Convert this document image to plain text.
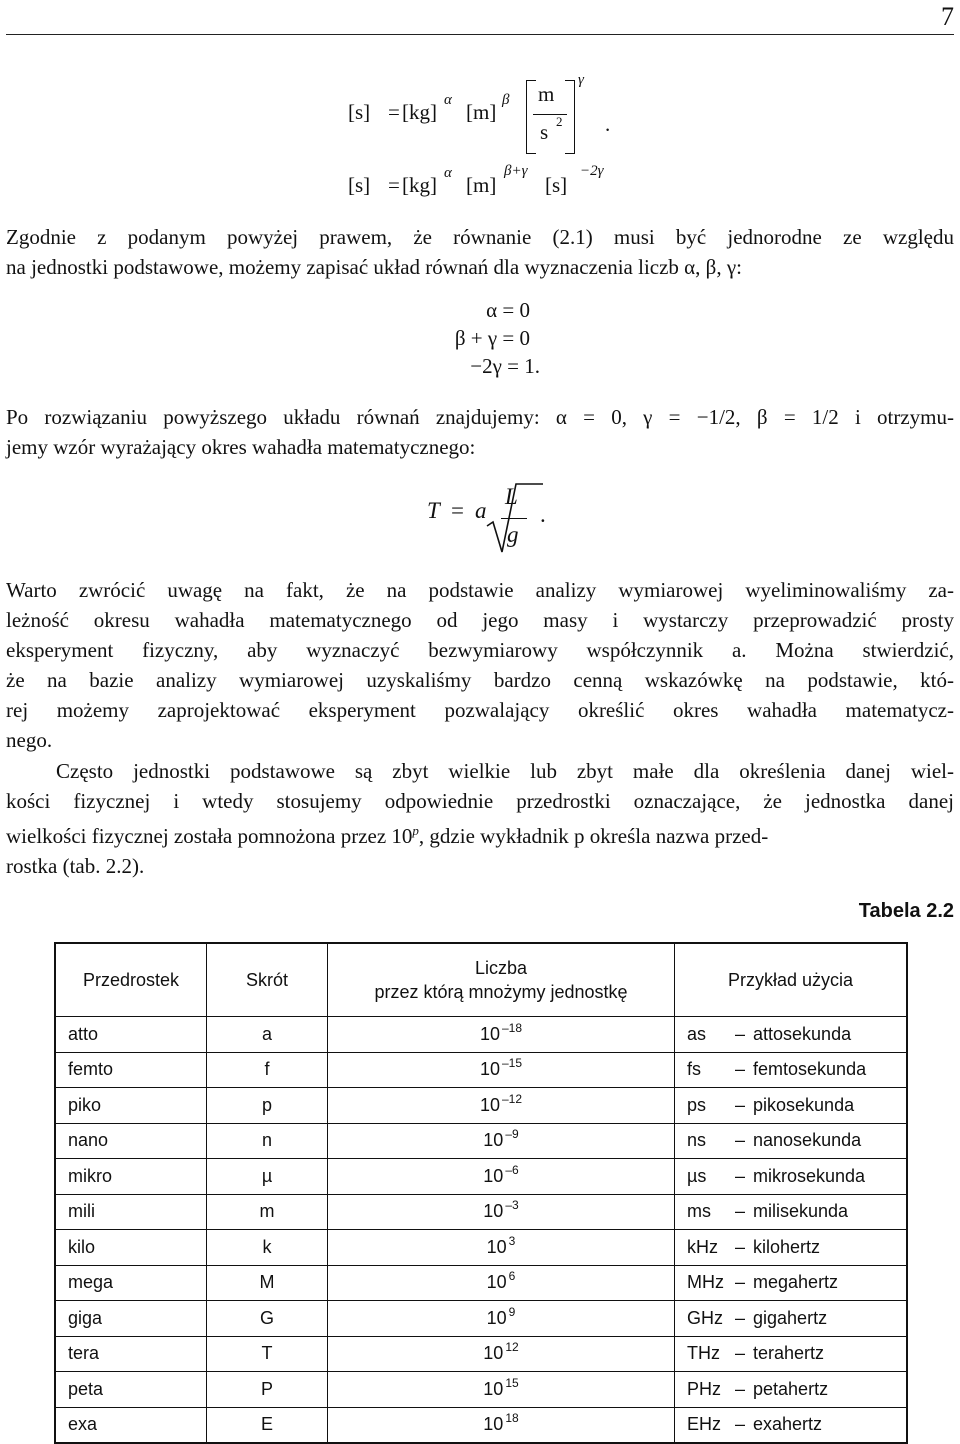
7
[s] = [kg] α [m] β m
s 2
γ
.
[s] = [kg] α [m]
β+γ
[s]
−2γ
Zgodnie z podanym powyżej prawem, że równanie (2.1) musi być jednorodne ze względu
na jednostki podstawowe, możemy zapisać układ równań dla wyznaczenia liczb α, β, γ:
α = 0
β + γ = 0
−2γ = 1.
Po rozwiązaniu powyższego układu równań znajdujemy: α = 0, γ = −1/2, β = 1/2 i otrzymu-
jemy wzór wyrażający okres wahadła matematycznego:
T = a
L
g
.
Warto zwrócić uwagę na fakt, że na podstawie analizy wymiarowej wyeliminowaliśmy za-
leżność okresu wahadła matematycznego od jego masy i wystarczy przeprowadzić prosty
eksperyment fizyczny, aby wyznaczyć bezwymiarowy współczynnik a. Można stwierdzić,
że na bazie analizy wymiarowej uzyskaliśmy bardzo cenną wskazówkę na podstawie, któ-
rej możemy zaprojektować eksperyment pozwalający określić okres wahadła matematycz-
nego.
Często jednostki podstawowe są zbyt wielkie lub zbyt małe dla określenia danej wiel-
kości fizycznej i wtedy stosujemy odpowiednie przedrostki oznaczające, że jednostka danej
wielkości fizycznej została pomnożona przez 10$^p$, gdzie wykładnik p określa nazwa przed-
rostka (tab. 2.2).
Tabela 2.2
Przedrostek	Skrót	Liczba
przez którą mnożymy jednostkę	Przykład użycia
atto	a	10 $^{-18}$	as – attosekunda
femto	f	10 $^{-15}$	fs – femtosekunda
piko	p	10 $^{-12}$	ps – pikosekunda
nano	n	10 $^{-9}$	ns – nanosekunda
mikro	µ	10 $^{-6}$	µs – mikrosekunda
mili	m	10 $^{-3}$	ms – milisekunda
kilo	k	10 $^3$	kHz – kilohertz
mega	M	10 $^6$	MHz – megahertz
giga	G	10 $^9$	GHz – gigahertz
tera	T	10 $^{12}$	THz – terahertz
peta	P	10 $^{15}$	PHz – petahertz
exa	E	10 $^{18}$	EHz – exahertz
